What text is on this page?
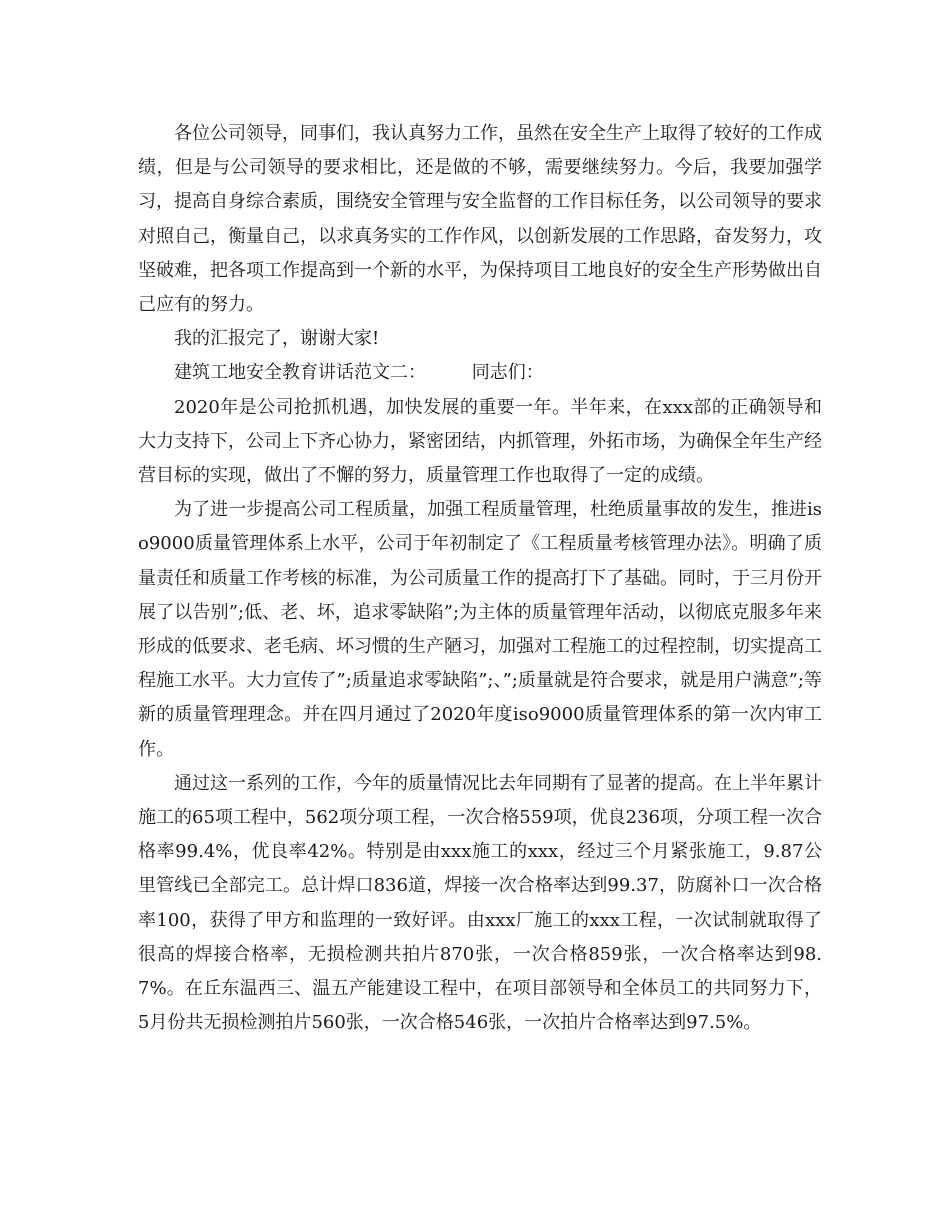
各位公司领导，同事们，我认真努力工作，虽然在安全生产上取得了较好的工作成绩，但是与公司领导的要求相比，还是做的不够，需要继续努力。今后，我要加强学习，提高自身综合素质，围绕安全管理与安全监督的工作目标任务，以公司领导的要求对照自己，衡量自己，以求真务实的工作作风，以创新发展的工作思路，奋发努力，攻坚破难，把各项工作提高到一个新的水平，为保持项目工地良好的安全生产形势做出自己应有的努力。

我的汇报完了，谢谢大家!

建筑工地安全教育讲话范文二：        同志们：

2020年是公司抢抓机遇，加快发展的重要一年。半年来，在xxx部的正确领导和大力支持下，公司上下齐心协力，紧密团结，内抓管理，外拓市场，为确保全年生产经营目标的实现，做出了不懈的努力，质量管理工作也取得了一定的成绩。

为了进一步提高公司工程质量，加强工程质量管理，杜绝质量事故的发生，推进iso9000质量管理体系上水平，公司于年初制定了《工程质量考核管理办法》。明确了质量责任和质量工作考核的标准，为公司质量工作的提高打下了基础。同时，于三月份开展了以告别”;低、老、坏，追求零缺陷”;为主体的质量管理年活动，以彻底克服多年来形成的低要求、老毛病、坏习惯的生产陋习，加强对工程施工的过程控制，切实提高工程施工水平。大力宣传了”;质量追求零缺陷”;、”;质量就是符合要求，就是用户满意”;等新的质量管理理念。并在四月通过了2020年度iso9000质量管理体系的第一次内审工作。

通过这一系列的工作，今年的质量情况比去年同期有了显著的提高。在上半年累计施工的65项工程中，562项分项工程，一次合格559项，优良236项，分项工程一次合格率99.4%，优良率42%。特别是由xxx施工的xxx，经过三个月紧张施工，9.87公里管线已全部完工。总计焊口836道，焊接一次合格率达到99.37，防腐补口一次合格率100，获得了甲方和监理的一致好评。由xxx厂施工的xxx工程，一次试制就取得了很高的焊接合格率，无损检测共拍片870张，一次合格859张，一次合格率达到98.7%。在丘东温西三、温五产能建设工程中，在项目部领导和全体员工的共同努力下，5月份共无损检测拍片560张，一次合格546张，一次拍片合格率达到97.5%。
